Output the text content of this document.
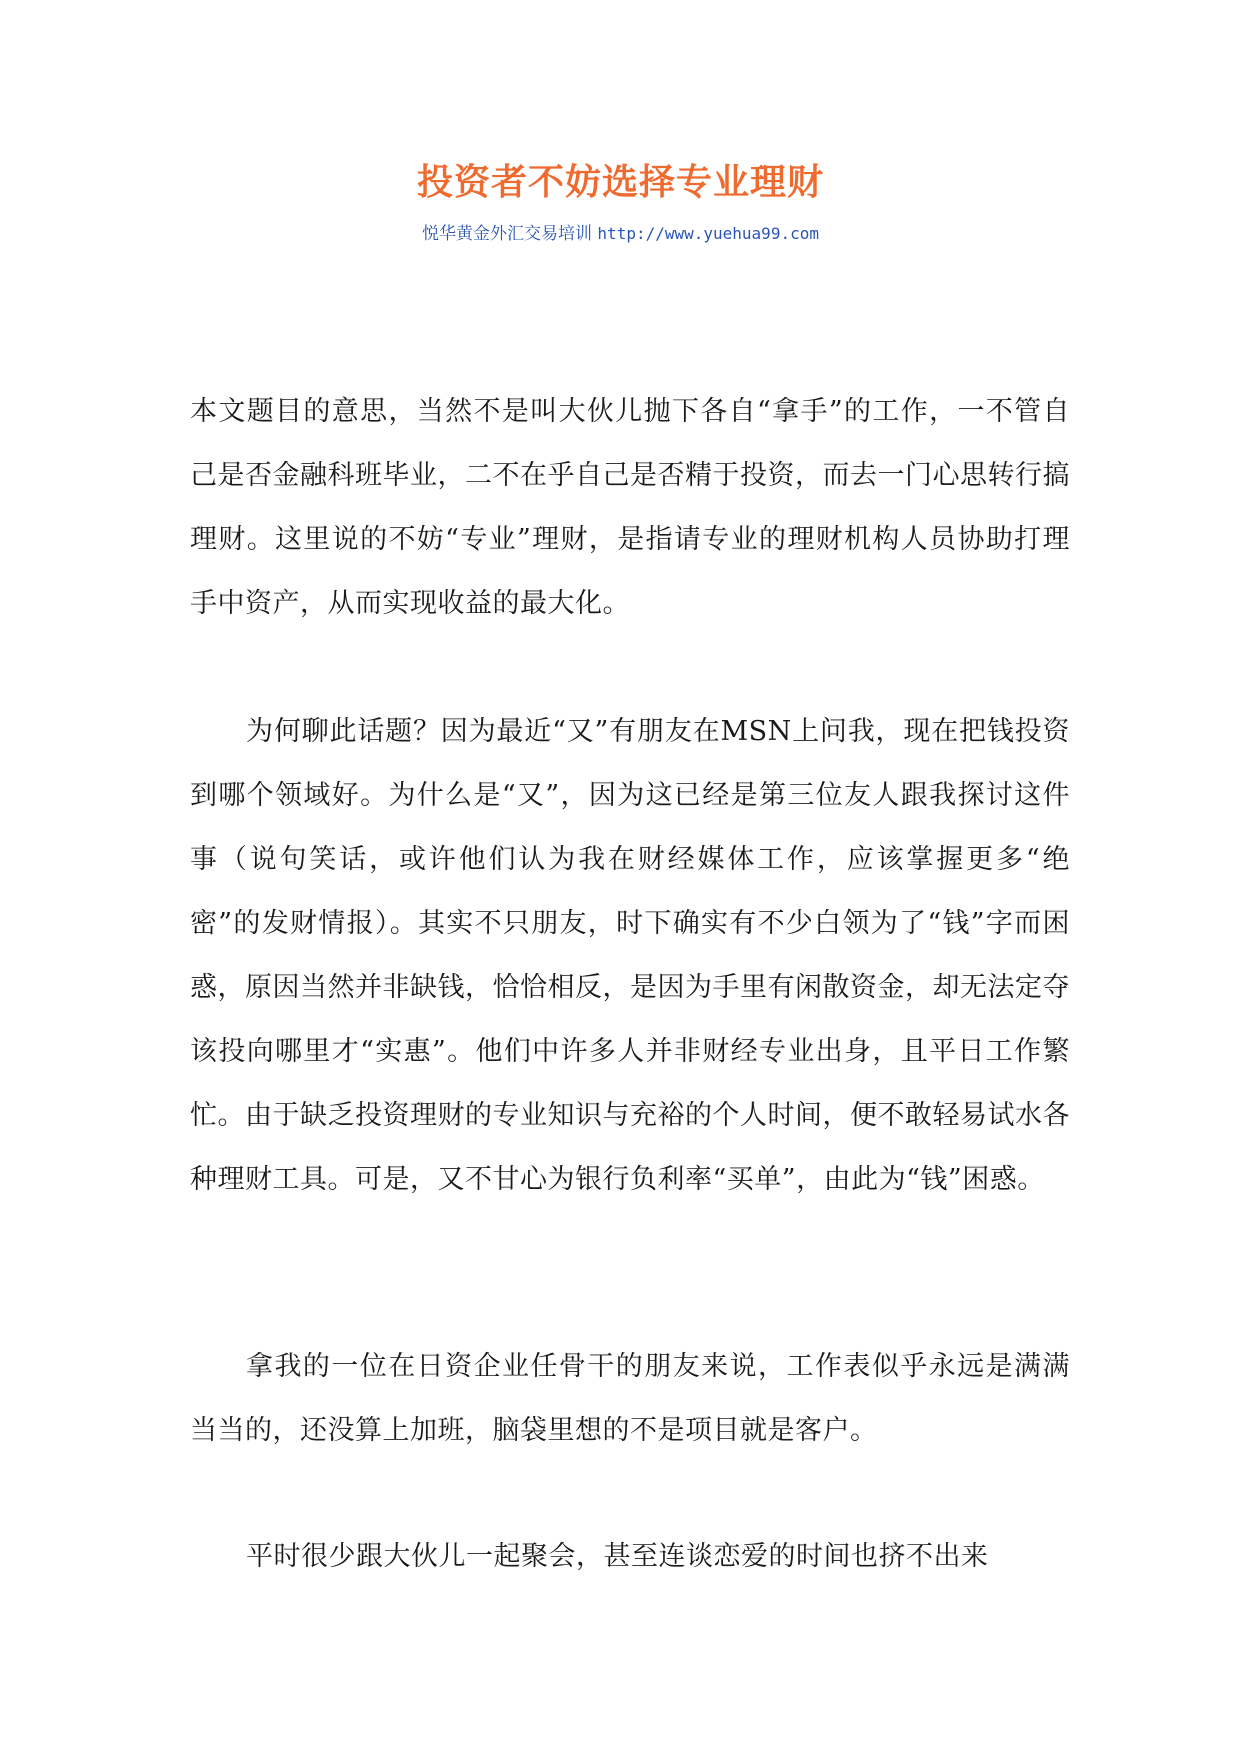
投资者不妨选择专业理财
悦华黄金外汇交易培训 http://www.yuehua99.com

本文题目的意思，当然不是叫大伙儿抛下各自“拿手”的工作，一不管自己是否金融科班毕业，二不在乎自己是否精于投资，而去一门心思转行搞理财。这里说的不妨“专业”理财，是指请专业的理财机构人员协助打理手中资产，从而实现收益的最大化。

为何聊此话题？因为最近“又”有朋友在MSN上问我，现在把钱投资到哪个领域好。为什么是“又”，因为这已经是第三位友人跟我探讨这件事（说句笑话，或许他们认为我在财经媒体工作，应该掌握更多“绝密”的发财情报）。其实不只朋友，时下确实有不少白领为了“钱”字而困惑，原因当然并非缺钱，恰恰相反，是因为手里有闲散资金，却无法定夺该投向哪里才“实惠”。他们中许多人并非财经专业出身，且平日工作繁忙。由于缺乏投资理财的专业知识与充裕的个人时间，便不敢轻易试水各种理财工具。可是，又不甘心为银行负利率“买单”，由此为“钱”困惑。

拿我的一位在日资企业任骨干的朋友来说，工作表似乎永远是满满当当的，还没算上加班，脑袋里想的不是项目就是客户。

平时很少跟大伙儿一起聚会，甚至连谈恋爱的时间也挤不出来
